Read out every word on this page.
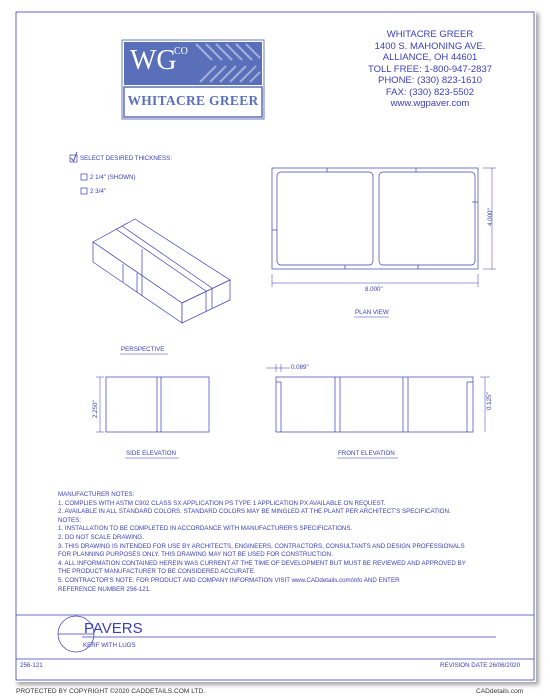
WG
CO
WHITACRE GREER
WHITACRE GREER
1400 S. MAHONING AVE.
ALLIANCE, OH 44601
TOLL FREE: 1-800-947-2837
PHONE: (330) 823-1610
FAX: (330) 823-5502
www.wgpaver.com
SELECT DESIRED THICKNESS:
2 1/4" (SHOWN)
2 3/4"
PERSPECTIVE
PLAN VIEW
SIDE ELEVATION	FRONT ELEVATION
8.000"
4.000"
2.250"
0.089"
0.125"
MANUFACTURER NOTES:
1. COMPLIES WITH ASTM C902 CLASS SX APPLICATION PS TYPE 1 APPLICATION PX AVAILABLE ON REQUEST.
2. AVAILABLE IN ALL STANDARD COLORS. STANDARD COLORS MAY BE MINGLED AT THE PLANT PER ARCHITECT'S SPECIFICATION.
NOTES:
1. INSTALLATION TO BE COMPLETED IN ACCORDANCE WITH MANUFACTURER'S SPECIFICATIONS.
2. DO NOT SCALE DRAWING.
3. THIS DRAWING IS INTENDED FOR USE BY ARCHITECTS, ENGINEERS, CONTRACTORS, CONSULTANTS AND DESIGN PROFESSIONALS
FOR PLANNING PURPOSES ONLY. THIS DRAWING MAY NOT BE USED FOR CONSTRUCTION.
4. ALL INFORMATION CONTAINED HEREIN WAS CURRENT AT THE TIME OF DEVELOPMENT BUT MUST BE REVIEWED AND APPROVED BY
THE PRODUCT MANUFACTURER TO BE CONSIDERED ACCURATE.
5. CONTRACTOR'S NOTE: FOR PRODUCT AND COMPANY INFORMATION VISIT www.CADdetails.com/info AND ENTER
REFERENCE NUMBER 256-121.
PAVERS
KERF WITH LUGS
256-121	REVISION DATE 26/06/2020
PROTECTED BY COPYRIGHT ©2020 CADDETAILS.COM LTD.	CADdetails.com
